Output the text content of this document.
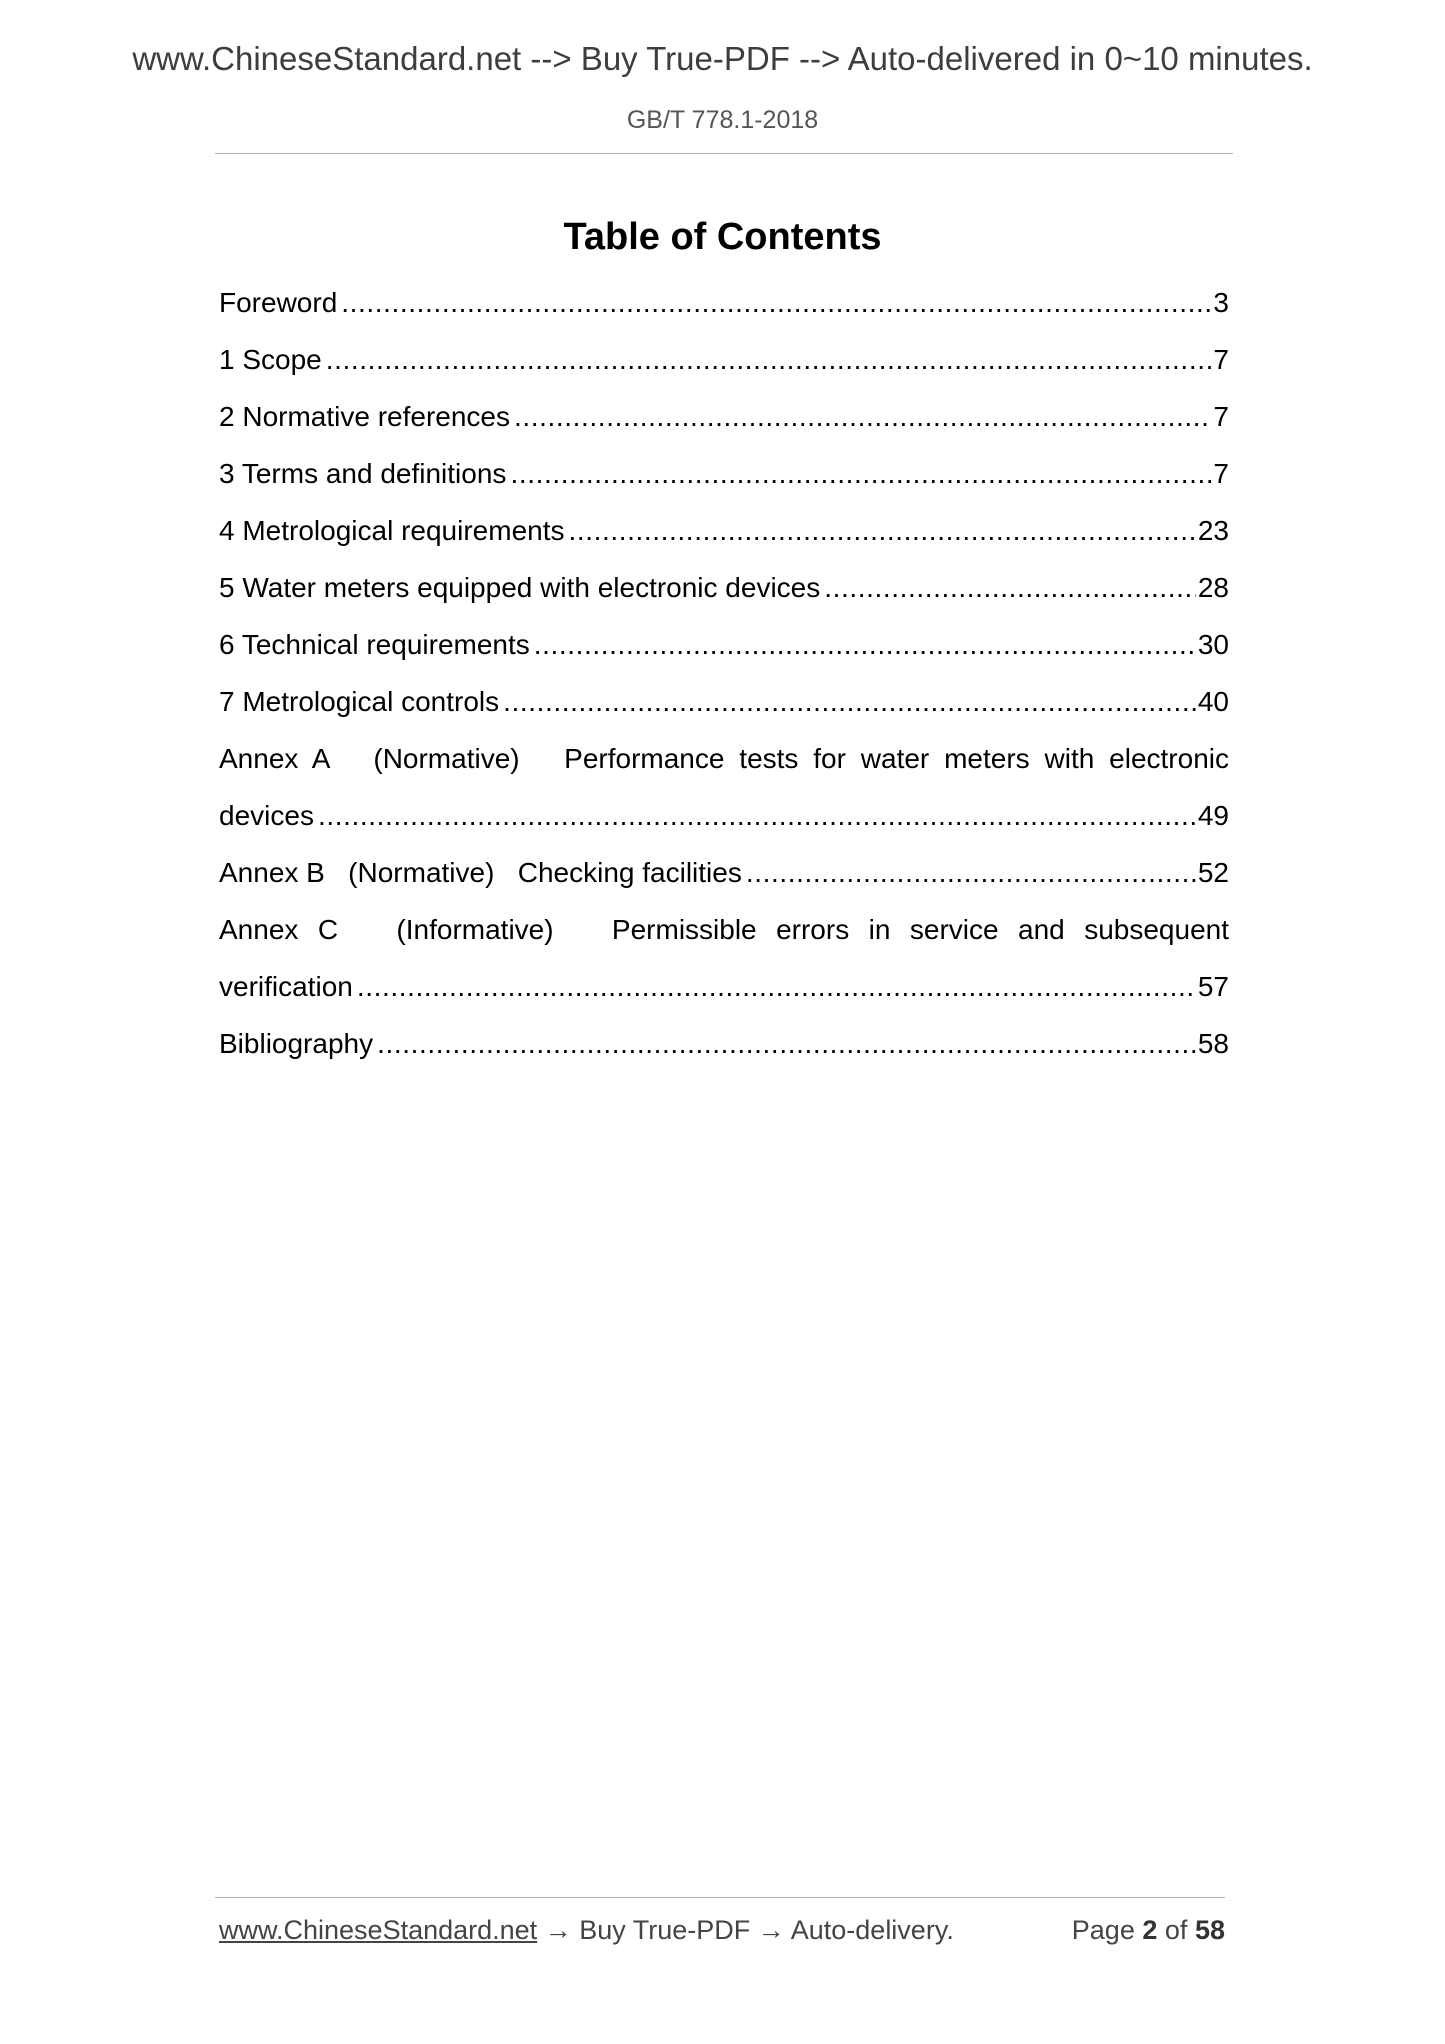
www.ChineseStandard.net --> Buy True-PDF --> Auto-delivered in 0~10 minutes.
GB/T 778.1-2018
Table of Contents
Foreword .....	3
1 Scope .....	7
2 Normative references .....	7
3 Terms and definitions .....	7
4 Metrological requirements .....	23
5 Water meters equipped with electronic devices .....	28
6 Technical requirements .....	30
7 Metrological controls .....	40
Annex A   (Normative)   Performance tests for water meters with electronic
devices .....	49
Annex B   (Normative)   Checking facilities .....	52
Annex C   (Informative)   Permissible errors in service and subsequent
verification .....	57
Bibliography .....	58
www.ChineseStandard.net → Buy True-PDF → Auto-delivery.	Page 2 of 58
